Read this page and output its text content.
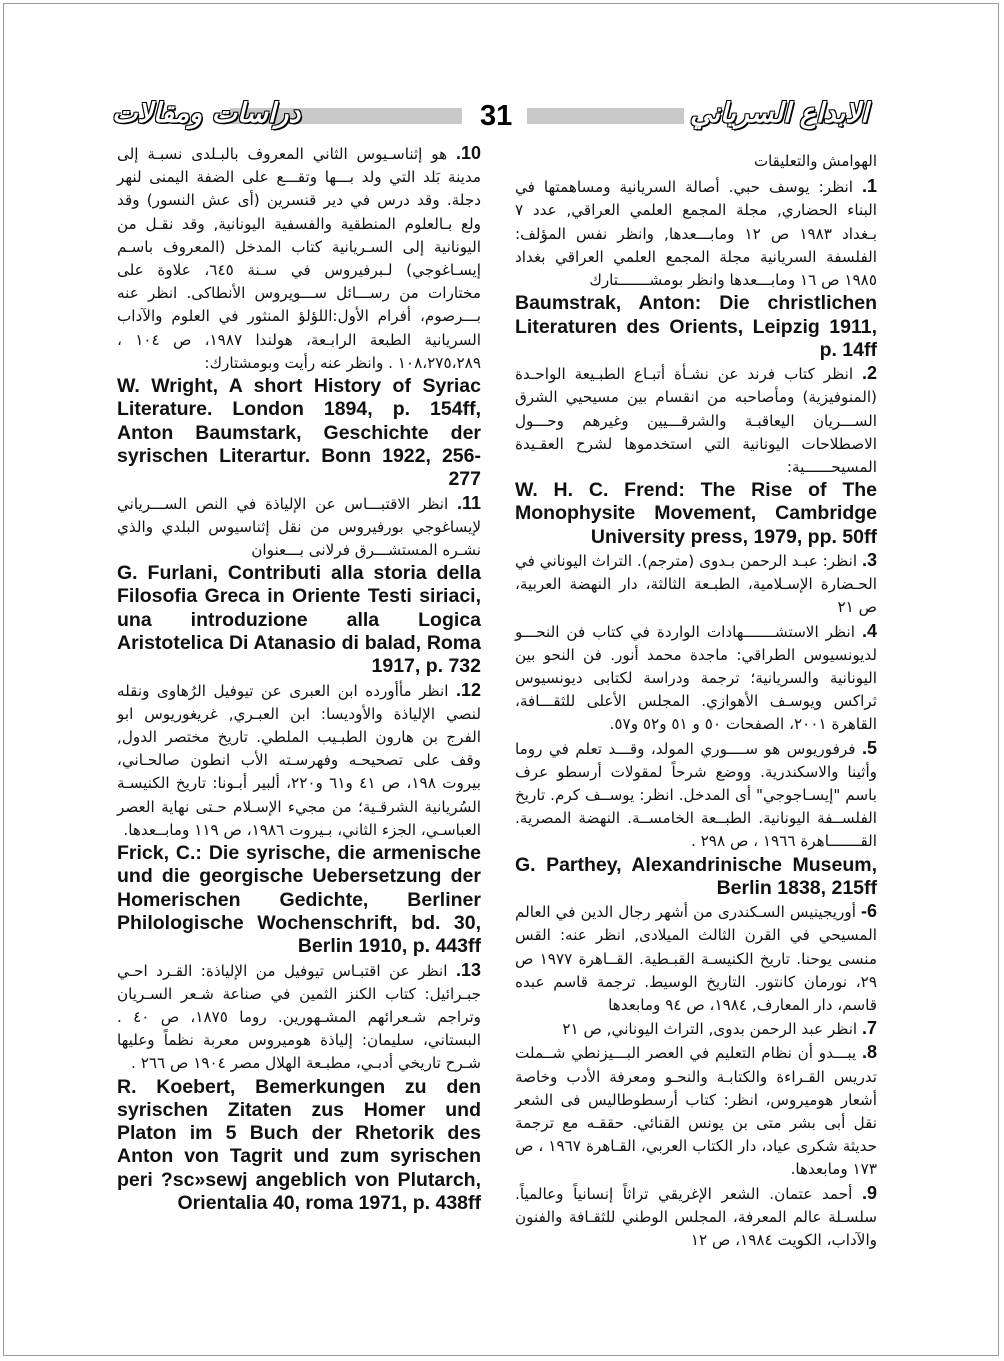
دراسات ومقالات	31	الابداع السرياني

الهوامش والتعليقات

1. انظر: يوسف حبي. أصالة السريانية ومساهمتها في البناء الحضاري, مجلة المجمع العلمي العراقي, عدد ٧ بـغداد ١٩٨٣ ص ١٢ ومابـــعدها, وانظر نفس المؤلف: الفلسفة السريانية مجلة المجمع العلمي العراقي بغداد ١٩٨٥ ص ١٦ ومابـــعدها وانظر بومشـــــــتارك

Baumstrak, Anton: Die christlichen Literaturen des Orients, Leipzig 1911, p. 14ff

2. انظر كتاب فرند عن نشـأة أتبـاع الطبـيعة الواحـدة (المنوفيزية) ومأصاحبه من انقسام بين مسيحيي الشرق الســـريان اليعاقبـة والشرقـــيين وغيرهم وحـــول الاصطلاحات اليونانية التي استخدموها لشرح العقـيدة المسيحــــــية:

W. H. C. Frend: The Rise of The Monophysite Movement, Cambridge University press, 1979, pp. 50ff

3. انظر: عبـد الرحمن بـدوى (مترجم). التراث اليوناني في الحـضارة الإسـلامية، الطبـعة الثالثة، دار النهضة العربية، ص ٢١

4. انظر الاستشـــــــهادات الواردة في كتاب فن النحـــو لديونسيوس الطراقي: ماجدة محمد أنور. فن النحو بين اليونانية والسريانية؛ ترجمة ودراسة لكتابى ديونسيوس ثراكس ويوسـف الأهوازي. المجلس الأعلى للثقـــافة، القاهرة ٢٠٠١، الصفحات ٥٠ و ٥١ و٥٢ و٥٧.

5. فرفوريوس هو ســــوري المولد، وقـــد تعلم في روما وأثينا والاسكندرية. ووضع شرحاً لمقولات أرسطو عرف باسم "إيسـاجوجي" أى المدخل. انظر: يوســف كرم. تاريخ الفلســفة اليونانية. الطبــعة الخامســة. النهضة المصرية. القـــــــاهرة ١٩٦٦ ، ص ٢٩٨ .

G. Parthey, Alexandrinische Museum, Berlin 1838, 215ff

6- أوريجينيس السـكندرى من أشهر رجال الدين في العالم المسيحي في القرن الثالث الميلادى, انظر عنه: القس منسى يوحنا. تاريخ الكنيسـة القبـطية. القــاهرة ١٩٧٧ ص ٢٩، نورمان كانتور. التاريخ الوسيط. ترجمة قاسم عبده قاسم، دار المعارف, ١٩٨٤، ص ٩٤ ومابعدها

7. انظر عبد الرحمن بدوى, التراث اليوناني, ص ٢١

8. يبـــدو أن نظام التعليم في العصر البـــيزنطي شــملت تدريس القـراءة والكتابـة والنحـو ومعرفة الأدب وخاصة أشعار هوميروس، انظر: كتاب أرسطوطاليس فى الشعر نقل أبى بشر متى بن يونس القنائي. حققـه مع ترجمة حديثة شكرى عياد، دار الكتاب العربي، القـاهرة ١٩٦٧ ، ص ١٧٣ ومابعدها.

9. أحمد عتمان. الشعر الإغريقي تراثاً إنسانياً وعالمياً. سلسـلة عالم المعرفة، المجلس الوطني للثقـافة والفنون والآداب، الكويت ١٩٨٤، ص ١٢

10. هو إثناسـيوس الثاني المعروف بالبـلدى نسبـة إلى مدينة بَلد التي ولد بـــها وتقـــع على الضفة اليمنى لنهر دجلة. وقد درس في دير قنسرين (أى عش النسور) وقد ولع بـالعلوم المنطقية والفسفية اليونانية, وقد نقـل من اليونانية إلى السـريانية كتاب المدخل (المعروف باسـم إيسـاغوجي) لـبرفيروس في سـنة ٦٤٥، علاوة على مختارات من رســـائل ســـويروس الأنطاكى. انظر عنه بـــرصوم، أفرام الأول:اللؤلؤ المنثور في العلوم والآداب السريانية الطبعة الرابـعة، هولندا ١٩٨٧، ص ١٠٤ ، ١٠٨،٢٧٥،٢٨٩ . وانظر عنه رأيت وبومشتارك:

W. Wright, A short History of Syriac Literature. London 1894, p. 154ff, Anton Baumstark, Geschichte der syrischen Literartur. Bonn 1922, 256-277

11. انظر الاقتبـــاس عن الإلياذة في النص الســـرياني لإيساغوجي بورفيروس من نقل إثناسيوس البلدي والذي نشـره المستشـــرق فرلانى بـــعنوان

G. Furlani, Contributi alla storia della Filosofia Greca in Oriente Testi siriaci, una introduzione alla Logica Aristotelica Di Atanasio di balad, Roma 1917, p. 732

12. انظر مأأورده ابن العبرى عن تيوفيل الرُهاوى ونقله لنصي الإلياذة والأوديسا: ابن العبـري, غريغوريوس ابو الفرج بن هارون الطبـيب الملطي. تاريخ مختصر الدول, وقف على تصحيحـه وفهرسـته الأب انطون صالحـاني، بيروت ١٩٨، ص ٤١ و٦١ و٢٢٠، ألبير أبـونا: تاريخ الكنيسـة السُريانية الشرقـية؛ من مجيء الإسـلام حـتى نهاية العصر العباسـي، الجزء الثاني، بـيروت ١٩٨٦، ص ١١٩ ومابــعدها.

Frick, C.: Die syrische, die armenische und die georgische Uebersetzung der Homerischen Gedichte, Berliner Philologische Wochenschrift, bd. 30, Berlin 1910, p. 443ff

13. انظر عن اقتبـاس تيوفيل من الإلياذة: القـرد احـي جبـرائيل: كتاب الكنز الثمين في صناعة شـعر السـريان وتراجم شـعرائهم المشـهورين. روما ١٨٧٥، ص ٤٠ . البستاني، سليمان: إلياذة هوميروس معربة نظماً وعليها شـرح تاريخي أدبـي، مطبـعة الهلال مصر ١٩٠٤ ص ٢٦٦ .

R. Koebert, Bemerkungen zu den syrischen Zitaten zus Homer und Platon im 5 Buch der Rhetorik des Anton von Tagrit und zum syrischen peri ?sc»sewj angeblich von Plutarch, Orientalia 40, roma 1971, p. 438ff
